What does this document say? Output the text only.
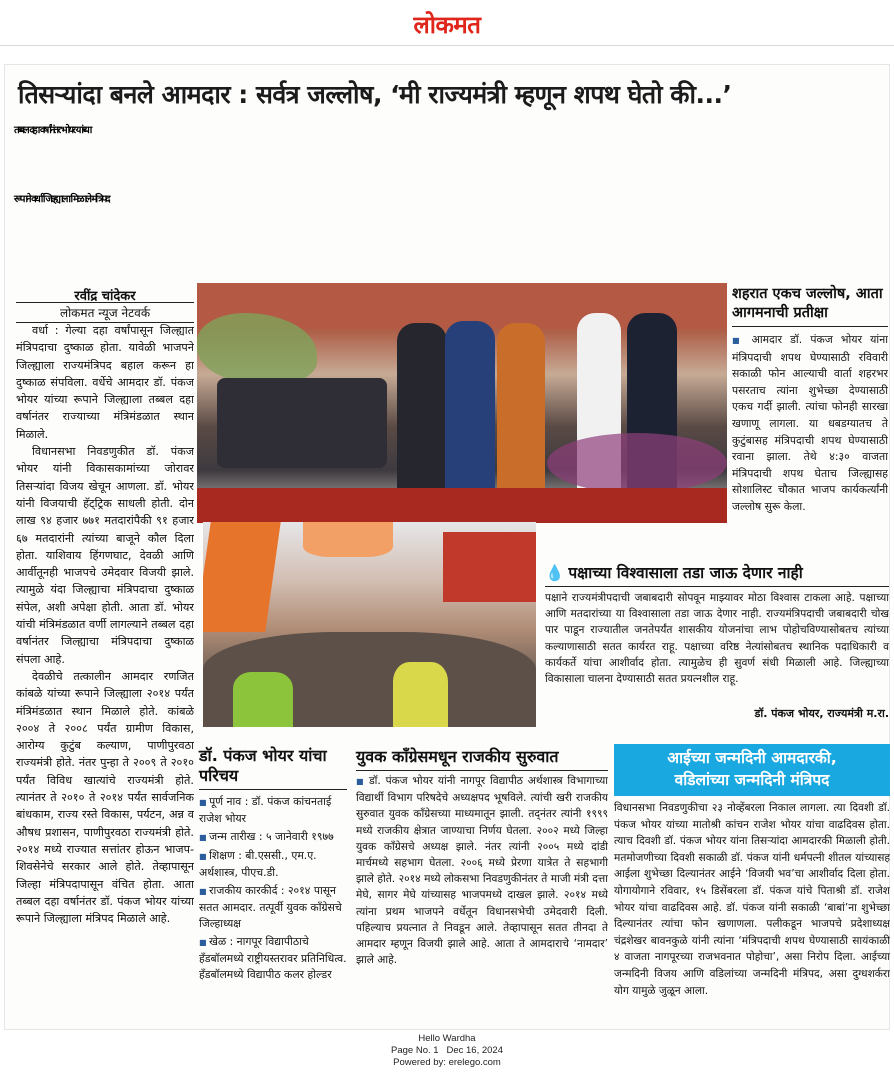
लोकमत
तिसऱ्यांदा बनले आमदार : सर्वत्र जल्लोष, ‘मी राज्यमंत्री म्हणून शपथ घेतो की...’
तब्बल दहा वर्षांनंतर भोयर यांच्या
रूपाने वर्धा जिल्ह्याला मिळाले मंत्रिपद
रवींद्र चांदेकर
लोकमत न्यूज नेटवर्क

वर्धा : गेल्या दहा वर्षांपासून जिल्ह्यात मंत्रिपदाचा दुष्काळ होता. यावेळी भाजपने जिल्ह्याला राज्यमंत्रिपद बहाल करून हा दुष्काळ संपविला. वर्धेचे आमदार डॉ. पंकज भोयर यांच्या रूपाने जिल्ह्याला तब्बल दहा वर्षानंतर राज्याच्या मंत्रिमंडळात स्थान मिळाले.

विधानसभा निवडणुकीत डॉ. पंकज भोयर यांनी विकासकामांच्या जोरावर तिसऱ्यांदा विजय खेचून आणला. डॉ. भोयर यांनी विजयाची हॅट्ट्रिक साधली होती. दोन लाख ९४ हजार ७७१ मतदारांपैकी ९१ हजार ६७ मतदारांनी त्यांच्या बाजूने कौल दिला होता. याशिवाय हिंगणघाट, देवळी आणि आर्वीतूनही भाजपचे उमेदवार विजयी झाले. त्यामुळे यंदा जिल्ह्याचा मंत्रिपदाचा दुष्काळ संपेल, अशी अपेक्षा होती. आता डॉ. भोयर यांची मंत्रिमंडळात वर्णी लागल्याने तब्बल दहा वर्षानंतर जिल्ह्याचा मंत्रिपदाचा दुष्काळ संपला आहे.

देवळीचे तत्कालीन आमदार रणजित कांबळे यांच्या रूपाने जिल्ह्याला २०१४ पर्यंत मंत्रिमंडळात स्थान मिळाले होते. कांबळे २००४ ते २००८ पर्यंत ग्रामीण विकास, आरोग्य कुटुंब कल्याण, पाणीपुरवठा राज्यमंत्री होते. नंतर पुन्हा ते २००९ ते २०१० पर्यंत विविध खात्यांचे राज्यमंत्री होते. त्यानंतर ते २०१० ते २०१४ पर्यंत सार्वजनिक बांधकाम, राज्य रस्ते विकास, पर्यटन, अन्न व औषध प्रशासन, पाणीपुरवठा राज्यमंत्री होते. २०१४ मध्ये राज्यात सत्तांतर होऊन भाजप-शिवसेनेचे सरकार आले होते. तेव्हापासून जिल्हा मंत्रिपदापासून वंचित होता. आता तब्बल दहा वर्षानंतर डॉ. पंकज भोयर यांच्या रूपाने जिल्ह्याला मंत्रिपद मिळाले आहे.

शहरात एकच जल्लोष, आता आगमनाची प्रतीक्षा
■ आमदार डॉ. पंकज भोयर यांना मंत्रिपदाची शपथ घेण्यासाठी रविवारी सकाळी फोन आल्याची वार्ता शहरभर पसरताच त्यांना शुभेच्छा देण्यासाठी एकच गर्दी झाली. त्यांचा फोनही सारखा खणाणू लागला. या धबडग्यातच ते कुटुंबासह मंत्रिपदाची शपथ घेण्यासाठी रवाना झाला. तेथे ४:३० वाजता मंत्रिपदाची शपथ घेताच जिल्ह्यासह सोशालिस्ट चौकात भाजप कार्यकर्त्यांनी जल्लोष सुरू केला.
💧 पक्षाच्या विश्वासाला तडा जाऊ देणार नाही
पक्षाने राज्यमंत्रीपदाची जबाबदारी सोपवून माझ्यावर मोठा विश्वास टाकला आहे. पक्षाच्या आणि मतदारांच्या या विश्वासाला तडा जाऊ देणार नाही. राज्यमंत्रिपदाची जबाबदारी चोख पार पाडून राज्यातील जनतेपर्यंत शासकीय योजनांचा लाभ पोहोचविण्यासोबतच त्यांच्या कल्याणासाठी सतत कार्यरत राहू. पक्षाच्या वरिष्ठ नेत्यांसोबतच स्थानिक पदाधिकारी व कार्यकर्ते यांचा आशीर्वाद होता. त्यामुळेच ही सुवर्ण संधी मिळाली आहे. जिल्ह्याच्या विकासाला चालना देण्यासाठी सतत प्रयत्नशील राहू.
डॉ. पंकज भोयर, राज्यमंत्री म.रा.
डॉ. पंकज भोयर यांचा परिचय
■ पूर्ण नाव : डॉ. पंकज कांचनताई राजेश भोयर
■ जन्म तारीख : ५ जानेवारी १९७७
■ शिक्षण : बी.एससी., एम.ए. अर्थशास्त्र, पीएच.डी.
■ राजकीय कारकीर्द : २०१४ पासून सतत आमदार. तत्पूर्वी युवक काँग्रेसचे जिल्हाध्यक्ष
■ खेळ : नागपूर विद्यापीठाचे हँडबॉलमध्ये राष्ट्रीयस्तरावर प्रतिनिधित्व. हँडबॉलमध्ये विद्यापीठ कलर होल्डर
युवक काँग्रेसमधून राजकीय सुरुवात
■ डॉ. पंकज भोयर यांनी नागपूर विद्यापीठ अर्थशास्त्र विभागाच्या विद्यार्थी विभाग परिषदेचे अध्यक्षपद भूषविले. त्यांची खरी राजकीय सुरुवात युवक काँग्रेसच्या माध्यमातून झाली. तद्‌नंतर त्यांनी १९९९ मध्ये राजकीय क्षेत्रात जाण्याचा निर्णय घेतला. २००२ मध्ये जिल्हा युवक काँग्रेसचे अध्यक्ष झाले. नंतर त्यांनी २००५ मध्ये दांडी मार्चमध्ये सहभाग घेतला. २००६ मध्ये प्रेरणा यात्रेत ते सहभागी झाले होते. २०१४ मध्ये लोकसभा निवडणुकीनंतर ते माजी मंत्री दत्ता मेघे, सागर मेघे यांच्यासह भाजपमध्ये दाखल झाले. २०१४ मध्ये त्यांना प्रथम भाजपने वर्धेतून विधानसभेची उमेदवारी दिली. पहिल्याच प्रयत्नात ते निवडून आले. तेव्हापासून सतत तीनदा ते आमदार म्हणून विजयी झाले आहे. आता ते आमदाराचे ‘नामदार’ झाले आहे.
आईच्या जन्मदिनी आमदारकी,
वडिलांच्या जन्मदिनी मंत्रिपद
विधानसभा निवडणुकीचा २३ नोव्हेंबरला निकाल लागला. त्या दिवशी डॉ. पंकज भोयर यांच्या मातोश्री कांचन राजेश भोयर यांचा वाढदिवस होता. त्याच दिवशी डॉ. पंकज भोयर यांना तिसऱ्यांदा आमदारकी मिळाली होती. मतमोजणीच्या दिवशी सकाळी डॉ. पंकज यांनी धर्मपत्नी शीतल यांच्यासह आईला शुभेच्छा दिल्यानंतर आईने ‘विजयी भव’चा आशीर्वाद दिला होता. योगायोगाने रविवार, १५ डिसेंबरला डॉ. पंकज यांचे पिताश्री डॉ. राजेश भोयर यांचा वाढदिवस आहे. डॉ. पंकज यांनी सकाळी ‘बाबां’ना शुभेच्छा दिल्यानंतर त्यांचा फोन खणाणला. पलीकडून भाजपचे प्रदेशाध्यक्ष चंद्रशेखर बावनकुळे यांनी त्यांना ‘मंत्रिपदाची शपथ घेण्यासाठी सायंकाळी ४ वाजता नागपूरच्या राजभवनात पोहोचा’, असा निरोप दिला. आईच्या जन्मदिनी विजय आणि वडिलांच्या जन्मदिनी मंत्रिपद, असा दुग्धशर्करा योग यामुळे जुळून आला.
Hello Wardha
Page No. 1   Dec 16, 2024
Powered by: erelego.com
